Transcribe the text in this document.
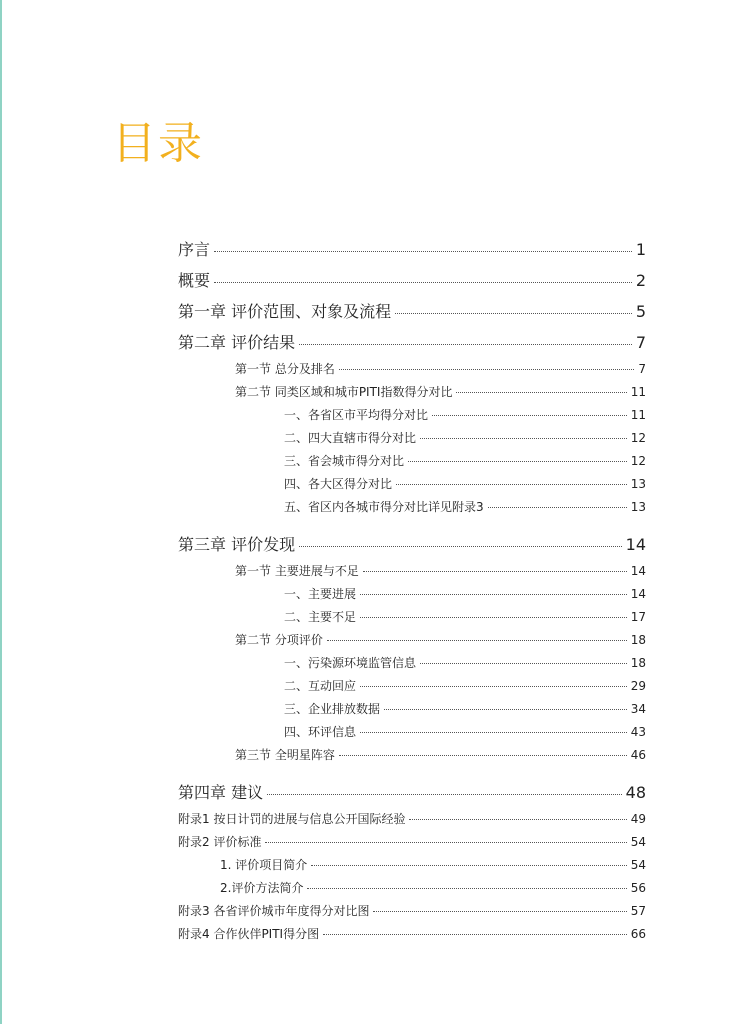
目录
序言	1
概要	2
第一章 评价范围、对象及流程	5
第二章 评价结果	7
第一节 总分及排名	7
第二节 同类区域和城市PITI指数得分对比	11
一、各省区市平均得分对比	11
二、四大直辖市得分对比	12
三、省会城市得分对比	12
四、各大区得分对比	13
五、省区内各城市得分对比详见附录3	13
第三章 评价发现	14
第一节 主要进展与不足	14
一、主要进展	14
二、主要不足	17
第二节 分项评价	18
一、污染源环境监管信息	18
二、互动回应	29
三、企业排放数据	34
四、环评信息	43
第三节 全明星阵容	46
第四章 建议	48
附录1 按日计罚的进展与信息公开国际经验	49
附录2 评价标准	54
1. 评价项目简介	54
2.评价方法简介	56
附录3 各省评价城市年度得分对比图	57
附录4 合作伙伴PITI得分图	66
